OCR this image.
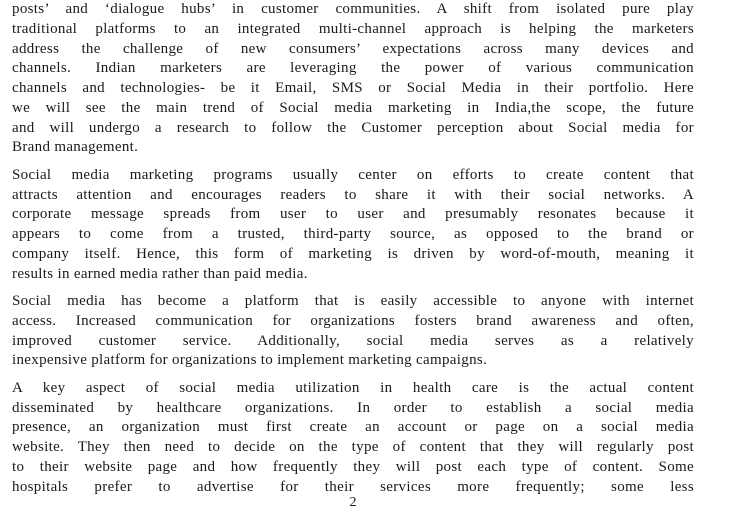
posts’ and ‘dialogue hubs’ in customer communities. A shift from isolated pure play
traditional platforms to an integrated multi-channel approach is helping the marketers
address the challenge of new consumers’ expectations across many devices and
channels. Indian marketers are leveraging the power of various communication
channels and technologies- be it Email, SMS or Social Media in their portfolio. Here
we will see the main trend of Social media marketing in India,the scope, the future
and will undergo a research to follow the Customer perception about Social media for
Brand management.
Social media marketing programs usually center on efforts to create content that
attracts attention and encourages readers to share it with their social networks. A
corporate message spreads from user to user and presumably resonates because it
appears to come from a trusted, third-party source, as opposed to the brand or
company itself. Hence, this form of marketing is driven by word-of-mouth, meaning it
results in earned media rather than paid media.
Social media has become a platform that is easily accessible to anyone with internet
access. Increased communication for organizations fosters brand awareness and often,
improved customer service. Additionally, social media serves as a relatively
inexpensive platform for organizations to implement marketing campaigns.
A key aspect of social media utilization in health care is the actual content
disseminated by healthcare organizations. In order to establish a social media
presence, an organization must first create an account or page on a social media
website. They then need to decide on the type of content that they will regularly post
to their website page and how frequently they will post each type of content. Some
hospitals prefer to advertise for their services more frequently; some less
2
